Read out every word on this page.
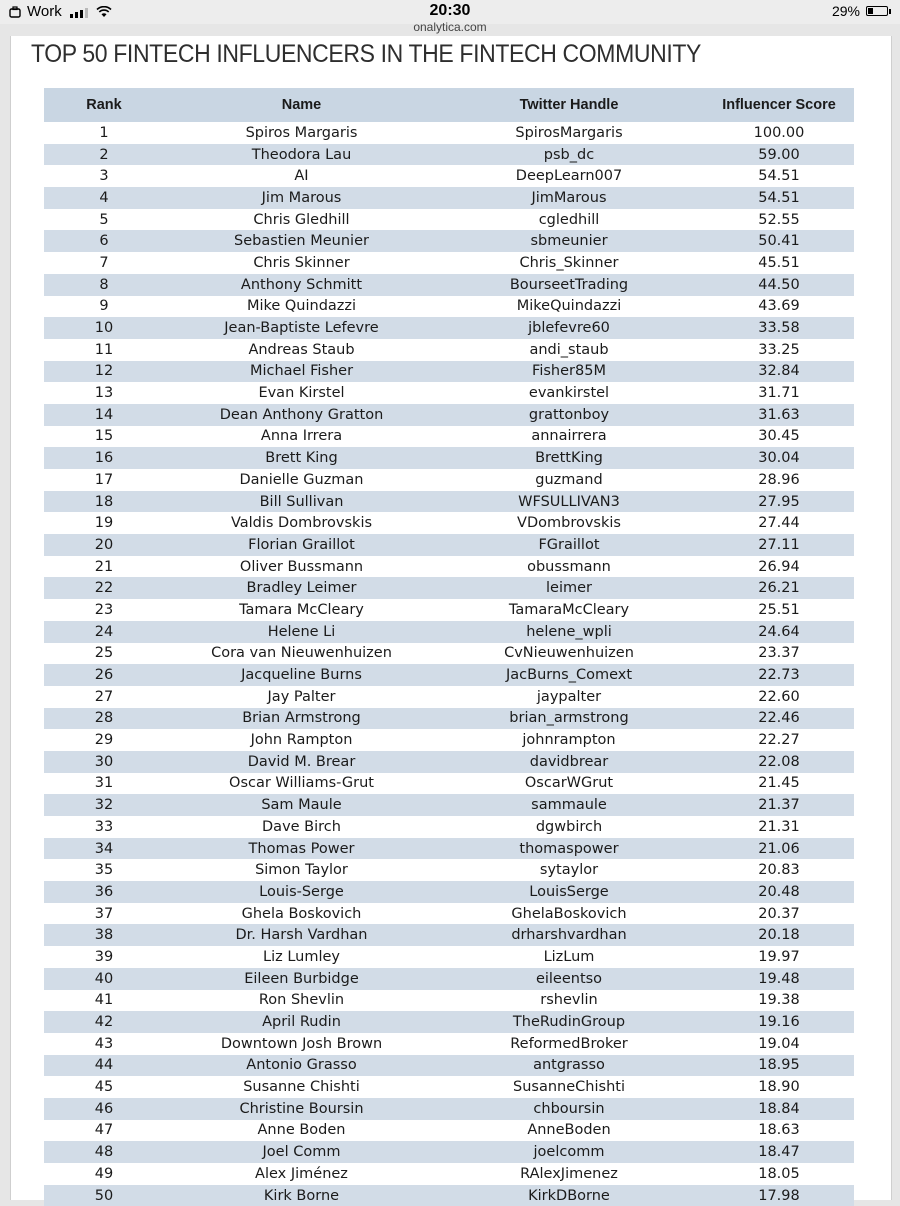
Work	20:30
onalytica.com
29%
TOP 50 FINTECH INFLUENCERS IN THE FINTECH COMMUNITY
Rank	Name	Twitter Handle	Influencer Score
1	Spiros Margaris	SpirosMargaris	100.00
2	Theodora Lau	psb_dc	59.00
3	AI	DeepLearn007	54.51
4	Jim Marous	JimMarous	54.51
5	Chris Gledhill	cgledhill	52.55
6	Sebastien Meunier	sbmeunier	50.41
7	Chris Skinner	Chris_Skinner	45.51
8	Anthony Schmitt	BourseetTrading	44.50
9	Mike Quindazzi	MikeQuindazzi	43.69
10	Jean-Baptiste Lefevre	jblefevre60	33.58
11	Andreas Staub	andi_staub	33.25
12	Michael Fisher	Fisher85M	32.84
13	Evan Kirstel	evankirstel	31.71
14	Dean Anthony Gratton	grattonboy	31.63
15	Anna Irrera	annairrera	30.45
16	Brett King	BrettKing	30.04
17	Danielle Guzman	guzmand	28.96
18	Bill Sullivan	WFSULLIVAN3	27.95
19	Valdis Dombrovskis	VDombrovskis	27.44
20	Florian Graillot	FGraillot	27.11
21	Oliver Bussmann	obussmann	26.94
22	Bradley Leimer	leimer	26.21
23	Tamara McCleary	TamaraMcCleary	25.51
24	Helene Li	helene_wpli	24.64
25	Cora van Nieuwenhuizen	CvNieuwenhuizen	23.37
26	Jacqueline Burns	JacBurns_Comext	22.73
27	Jay Palter	jaypalter	22.60
28	Brian Armstrong	brian_armstrong	22.46
29	John Rampton	johnrampton	22.27
30	David M. Brear	davidbrear	22.08
31	Oscar Williams-Grut	OscarWGrut	21.45
32	Sam Maule	sammaule	21.37
33	Dave Birch	dgwbirch	21.31
34	Thomas Power	thomaspower	21.06
35	Simon Taylor	sytaylor	20.83
36	Louis-Serge	LouisSerge	20.48
37	Ghela Boskovich	GhelaBoskovich	20.37
38	Dr. Harsh Vardhan	drharshvardhan	20.18
39	Liz Lumley	LizLum	19.97
40	Eileen Burbidge	eileentso	19.48
41	Ron Shevlin	rshevlin	19.38
42	April Rudin	TheRudinGroup	19.16
43	Downtown Josh Brown	ReformedBroker	19.04
44	Antonio Grasso	antgrasso	18.95
45	Susanne Chishti	SusanneChishti	18.90
46	Christine Boursin	chboursin	18.84
47	Anne Boden	AnneBoden	18.63
48	Joel Comm	joelcomm	18.47
49	Alex Jiménez	RAlexJimenez	18.05
50	Kirk Borne	KirkDBorne	17.98
